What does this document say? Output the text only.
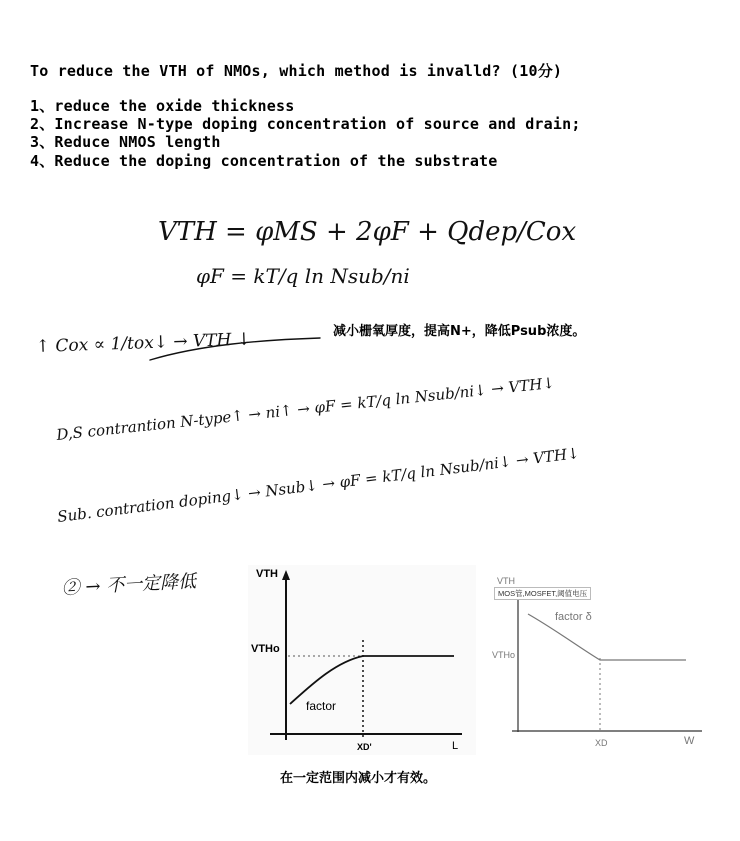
To reduce the VTH of NMOs, which method is invalld? (10分)
1、reduce the oxide thickness
2、Increase N-type doping concentration of source and drain;
3、Reduce NMOS length
4、Reduce the doping concentration of the substrate
VTH = φMS + 2φF + Qdep/Cox
φF = kT/q ln Nsub/ni
↑ Cox ∝ 1/tox↓ → VTH ↓
D,S contrantion N-type↑ → ni↑ → φF = kT/q ln Nsub/ni↓ → VTH↓
Sub. contration doping↓ → Nsub↓ → φF = kT/q ln Nsub/ni↓ → VTH↓
② → 不一定降低
减小栅氧厚度，提高N+，降低Psub浓度。
VTH
VTHo
factor
XD'	L
VTH
VTHo
factor δ
XD	W
MOS管,MOSFET,阈值电压
在一定范围内减小才有效。
